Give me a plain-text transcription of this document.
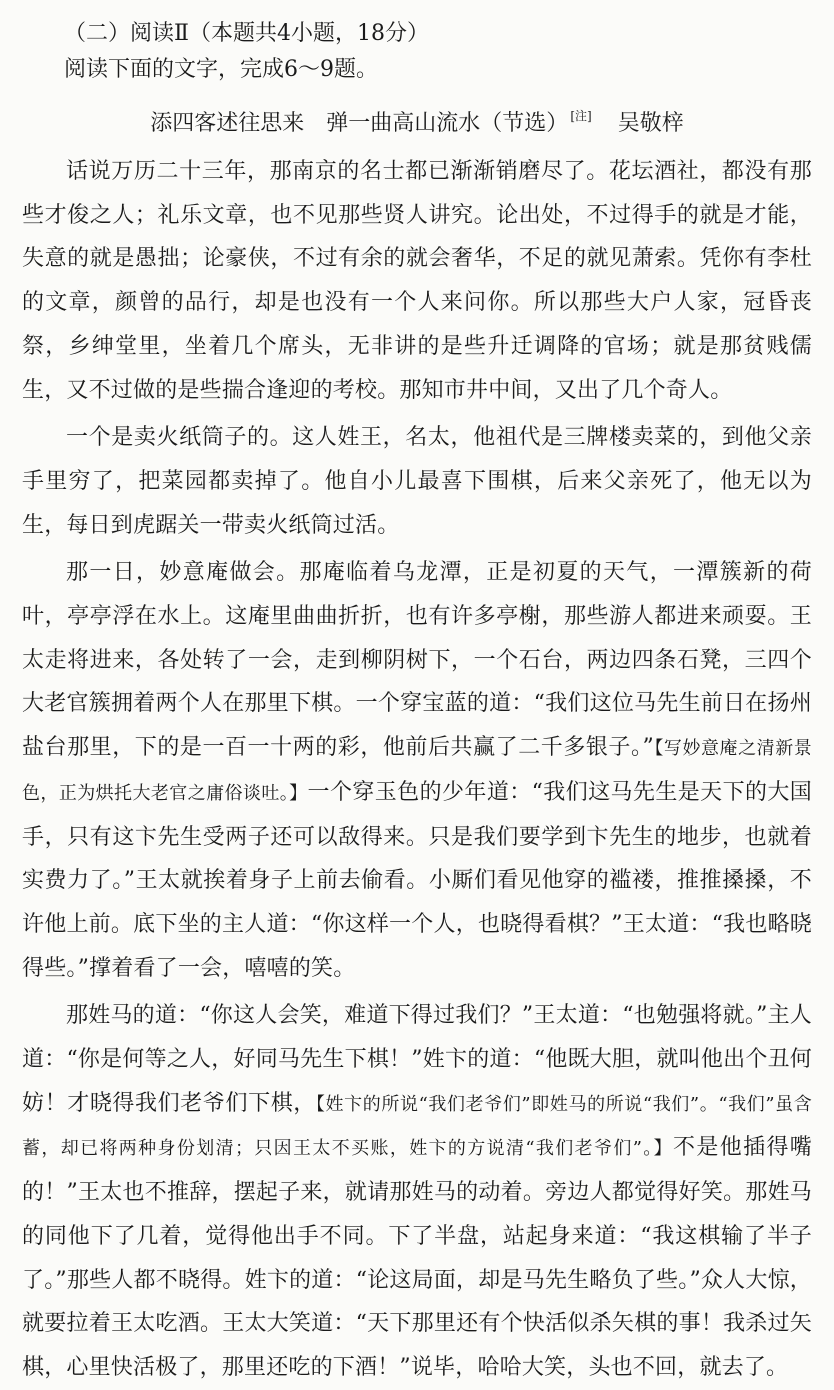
（二）阅读Ⅱ（本题共4小题，18分）

阅读下面的文字，完成6～9题。

添四客述往思来 弹一曲高山流水（节选） [注] 吴敬梓

话说万历二十三年，那南京的名士都已渐渐销磨尽了。花坛酒社，都没有那些才俊之人；礼乐文章，也不见那些贤人讲究。论出处，不过得手的就是才能，失意的就是愚拙；论豪侠，不过有余的就会奢华，不足的就见萧索。凭你有李杜的文章，颜曾的品行，却是也没有一个人来问你。所以那些大户人家，冠昏丧祭，乡绅堂里，坐着几个席头，无非讲的是些升迁调降的官场；就是那贫贱儒生，又不过做的是些揣合逢迎的考校。那知市井中间，又出了几个奇人。

一个是卖火纸筒子的。这人姓王，名太，他祖代是三牌楼卖菜的，到他父亲手里穷了，把菜园都卖掉了。他自小儿最喜下围棋，后来父亲死了，他无以为生，每日到虎踞关一带卖火纸筒过活。

那一日，妙意庵做会。那庵临着乌龙潭，正是初夏的天气，一潭簇新的荷叶，亭亭浮在水上。这庵里曲曲折折，也有许多亭榭，那些游人都进来顽耍。王太走将进来，各处转了一会，走到柳阴树下，一个石台，两边四条石凳，三四个大老官簇拥着两个人在那里下棋。一个穿宝蓝的道：“我们这位马先生前日在扬州盐台那里，下的是一百一十两的彩，他前后共赢了二千多银子。”【写妙意庵之清新景色，正为烘托大老官之庸俗谈吐。】一个穿玉色的少年道：“我们这马先生是天下的大国手，只有这卞先生受两子还可以敌得来。只是我们要学到卞先生的地步，也就着实费力了。”王太就挨着身子上前去偷看。小厮们看见他穿的褴褛，推推搡搡，不许他上前。底下坐的主人道：“你这样一个人，也晓得看棋？”王太道：“我也略晓得些。”撑着看了一会，嘻嘻的笑。

那姓马的道：“你这人会笑，难道下得过我们？”王太道：“也勉强将就。”主人道：“你是何等之人，好同马先生下棋！”姓卞的道：“他既大胆，就叫他出个丑何妨！才晓得我们老爷们下棋，【姓卞的所说“我们老爷们”即姓马的所说“我们”。“我们”虽含蓄，却已将两种身份划清；只因王太不买账，姓卞的方说清“我们老爷们”。】不是他插得嘴的！”王太也不推辞，摆起子来，就请那姓马的动着。旁边人都觉得好笑。那姓马的同他下了几着，觉得他出手不同。下了半盘，站起身来道：“我这棋输了半子了。”那些人都不晓得。姓卞的道：“论这局面，却是马先生略负了些。”众人大惊，就要拉着王太吃酒。王太大笑道：“天下那里还有个快活似杀矢棋的事！我杀过矢棋，心里快活极了，那里还吃的下酒！”说毕，哈哈大笑，头也不回，就去了。
